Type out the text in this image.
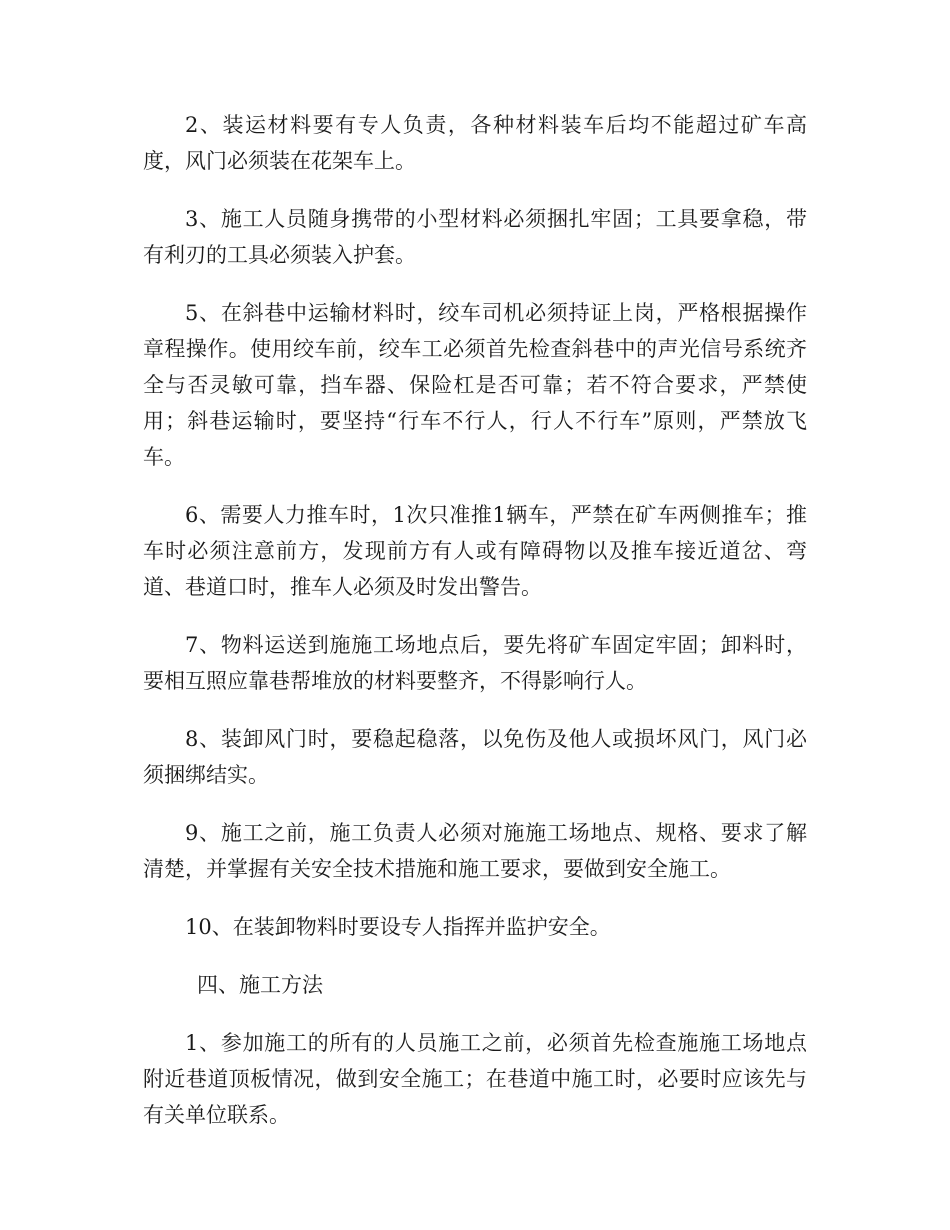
2、装运材料要有专人负责，各种材料装车后均不能超过矿车高度，风门必须装在花架车上。

3、施工人员随身携带的小型材料必须捆扎牢固；工具要拿稳，带有利刃的工具必须装入护套。

5、在斜巷中运输材料时，绞车司机必须持证上岗，严格根据操作章程操作。使用绞车前，绞车工必须首先检查斜巷中的声光信号系统齐全与否灵敏可靠，挡车器、保险杠是否可靠；若不符合要求，严禁使用；斜巷运输时，要坚持“行车不行人，行人不行车”原则，严禁放飞车。

6、需要人力推车时，1次只准推1辆车，严禁在矿车两侧推车；推车时必须注意前方，发现前方有人或有障碍物以及推车接近道岔、弯道、巷道口时，推车人必须及时发出警告。

7、物料运送到施施工场地点后，要先将矿车固定牢固；卸料时，要相互照应靠巷帮堆放的材料要整齐，不得影响行人。

8、装卸风门时，要稳起稳落，以免伤及他人或损坏风门，风门必须捆绑结实。

9、施工之前，施工负责人必须对施施工场地点、规格、要求了解清楚，并掌握有关安全技术措施和施工要求，要做到安全施工。

10、在装卸物料时要设专人指挥并监护安全。

四、施工方法

1、参加施工的所有的人员施工之前，必须首先检查施施工场地点附近巷道顶板情况，做到安全施工；在巷道中施工时，必要时应该先与有关单位联系。
